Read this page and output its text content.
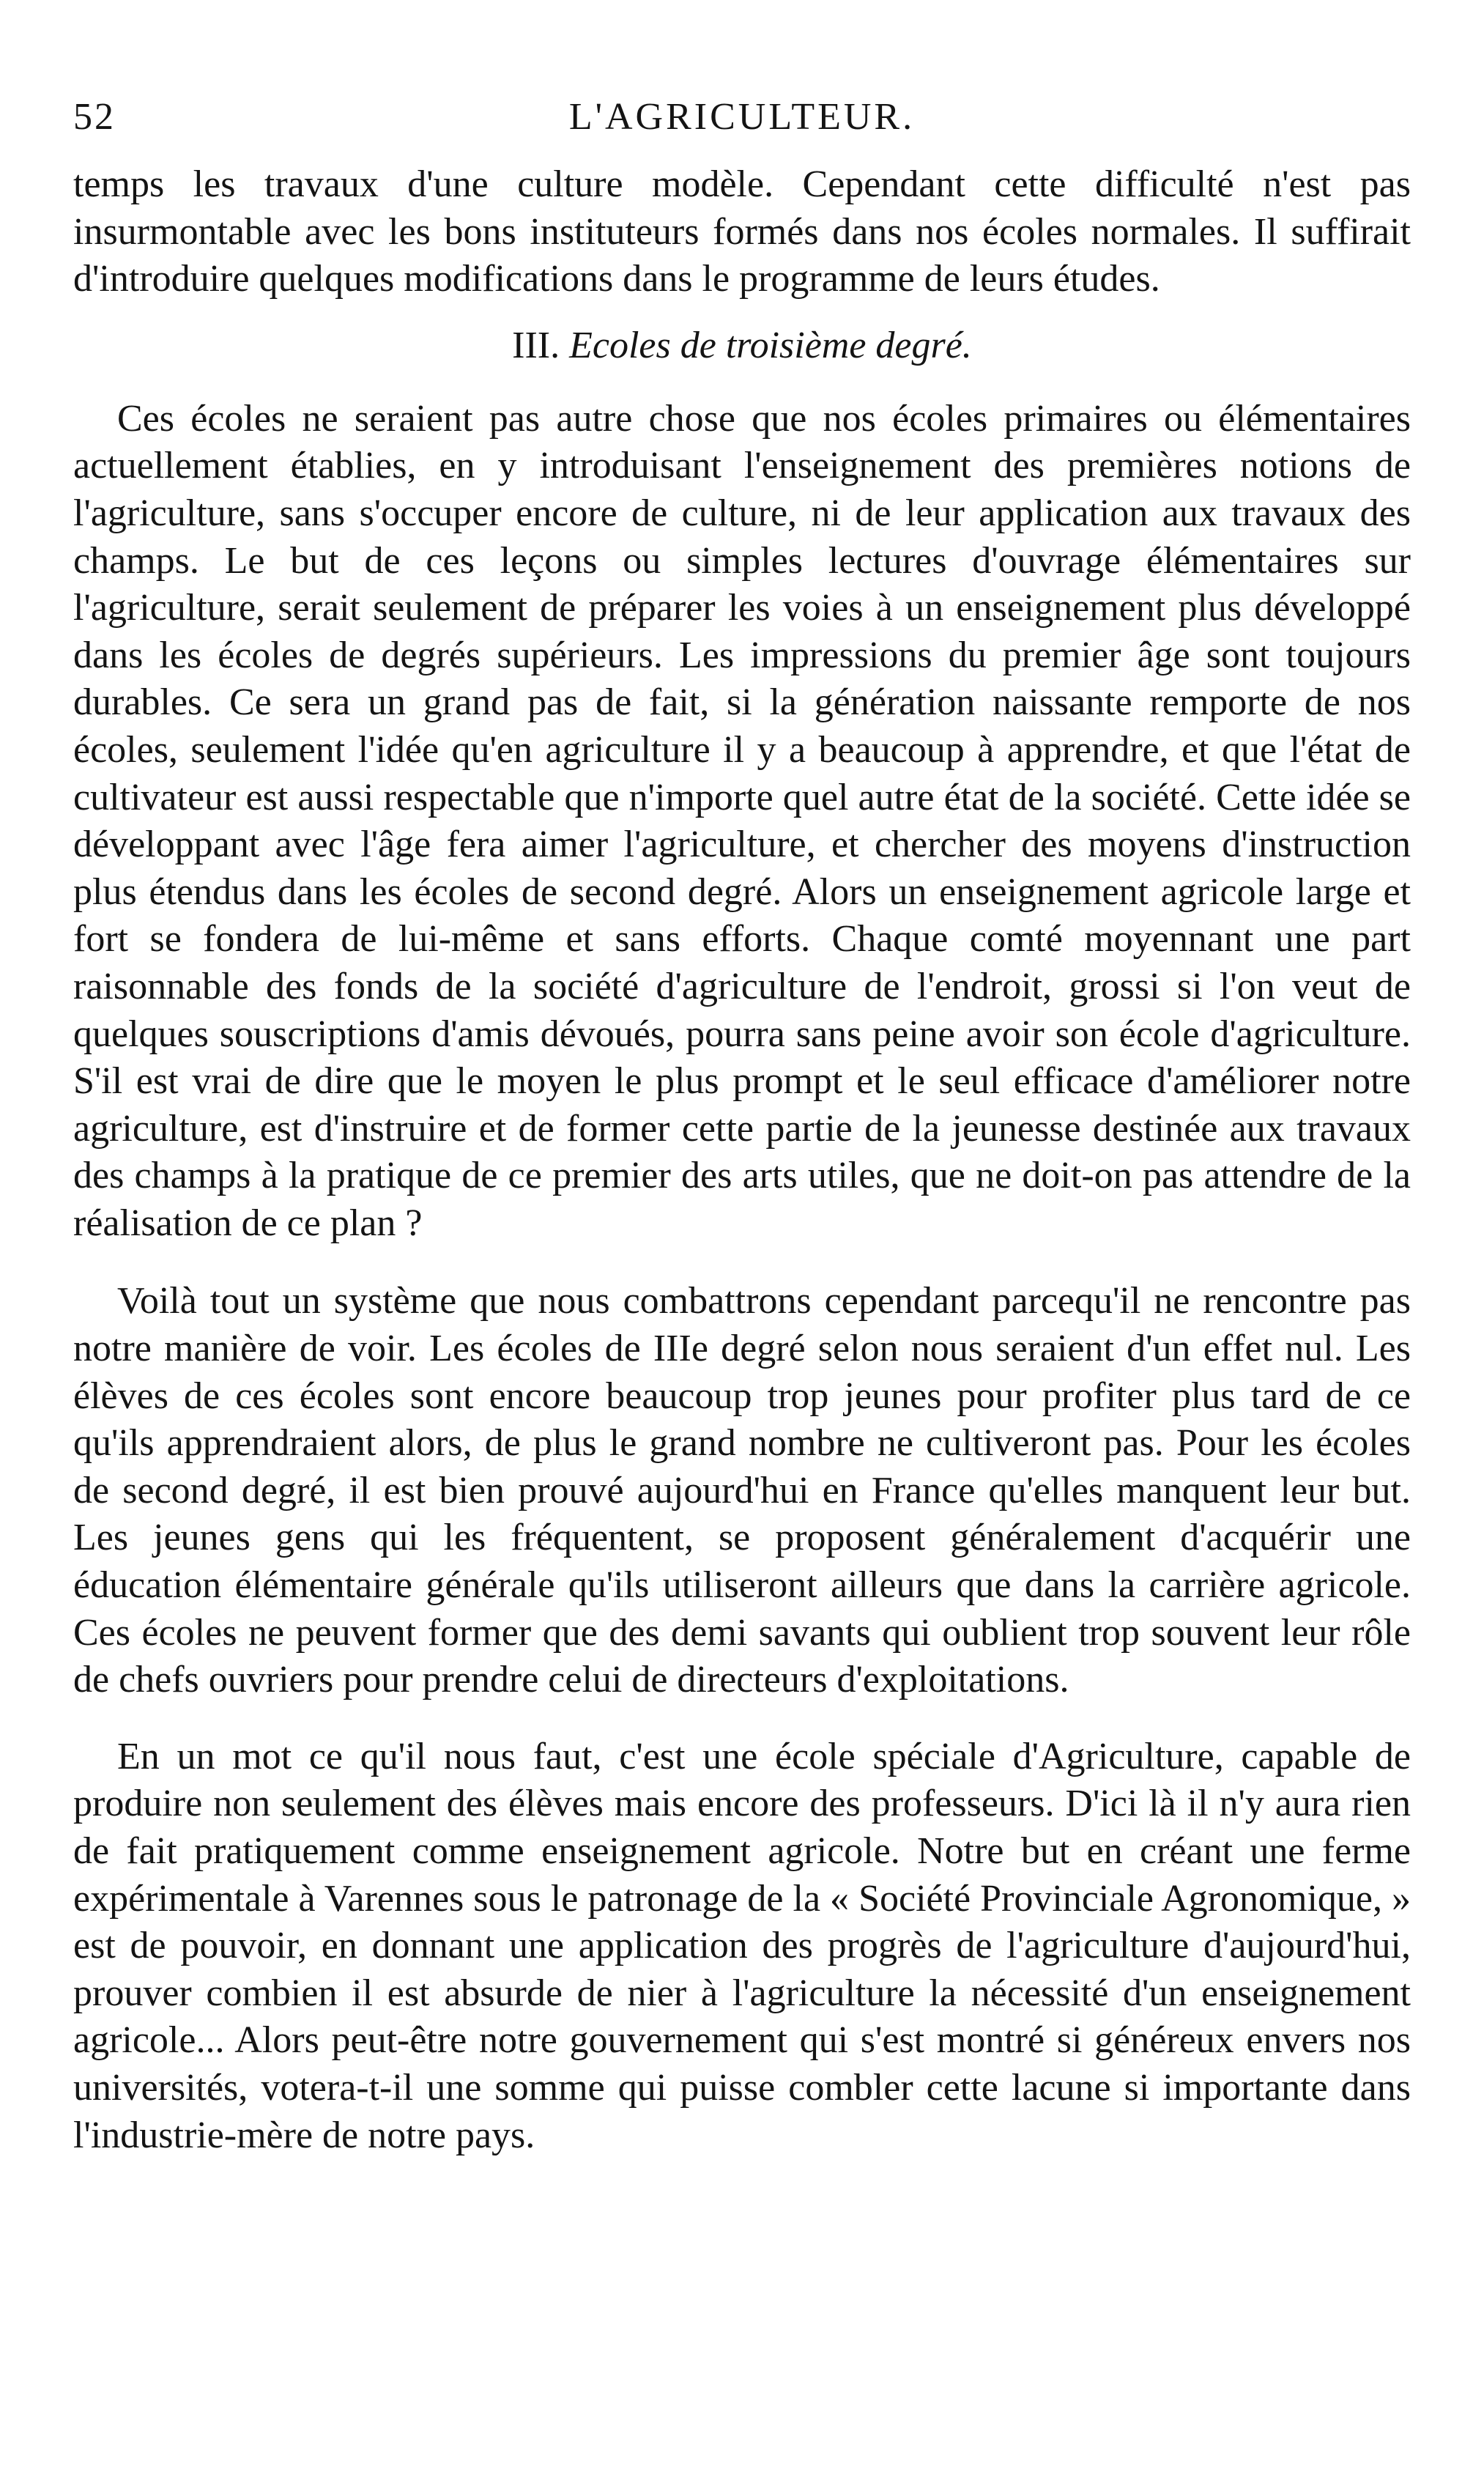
52	L'AGRICULTEUR.

temps les travaux d'une culture modèle. Cependant cette difficulté n'est pas insurmontable avec les bons instituteurs formés dans nos écoles normales. Il suffirait d'introduire quelques modifications dans le programme de leurs études.

III. Ecoles de troisième degré.

Ces écoles ne seraient pas autre chose que nos écoles primaires ou élémentaires actuellement établies, en y introduisant l'enseignement des premières notions de l'agriculture, sans s'occuper encore de culture, ni de leur application aux travaux des champs. Le but de ces leçons ou simples lectures d'ouvrage élémentaires sur l'agriculture, serait seulement de préparer les voies à un enseignement plus développé dans les écoles de degrés supérieurs. Les impressions du premier âge sont toujours durables. Ce sera un grand pas de fait, si la génération naissante remporte de nos écoles, seulement l'idée qu'en agriculture il y a beaucoup à apprendre, et que l'état de cultivateur est aussi respectable que n'importe quel autre état de la société. Cette idée se développant avec l'âge fera aimer l'agriculture, et chercher des moyens d'instruction plus étendus dans les écoles de second degré. Alors un enseignement agricole large et fort se fondera de lui-même et sans efforts. Chaque comté moyennant une part raisonnable des fonds de la société d'agriculture de l'endroit, grossi si l'on veut de quelques souscriptions d'amis dévoués, pourra sans peine avoir son école d'agriculture. S'il est vrai de dire que le moyen le plus prompt et le seul efficace d'améliorer notre agriculture, est d'instruire et de former cette partie de la jeunesse destinée aux travaux des champs à la pratique de ce premier des arts utiles, que ne doit-on pas attendre de la réalisation de ce plan ?

Voilà tout un système que nous combattrons cependant parcequ'il ne rencontre pas notre manière de voir. Les écoles de IIIe degré selon nous seraient d'un effet nul. Les élèves de ces écoles sont encore beaucoup trop jeunes pour profiter plus tard de ce qu'ils apprendraient alors, de plus le grand nombre ne cultiveront pas. Pour les écoles de second degré, il est bien prouvé aujourd'hui en France qu'elles manquent leur but. Les jeunes gens qui les fréquentent, se proposent généralement d'acquérir une éducation élémentaire générale qu'ils utiliseront ailleurs que dans la carrière agricole. Ces écoles ne peuvent former que des demi savants qui oublient trop souvent leur rôle de chefs ouvriers pour prendre celui de directeurs d'exploitations.

En un mot ce qu'il nous faut, c'est une école spéciale d'Agriculture, capable de produire non seulement des élèves mais encore des professeurs. D'ici là il n'y aura rien de fait pratiquement comme enseignement agricole. Notre but en créant une ferme expérimentale à Varennes sous le patronage de la « Société Provinciale Agronomique, » est de pouvoir, en donnant une application des progrès de l'agriculture d'aujourd'hui, prouver combien il est absurde de nier à l'agriculture la nécessité d'un enseignement agricole... Alors peut-être notre gouvernement qui s'est montré si généreux envers nos universités, votera-t-il une somme qui puisse combler cette lacune si importante dans l'industrie-mère de notre pays.
